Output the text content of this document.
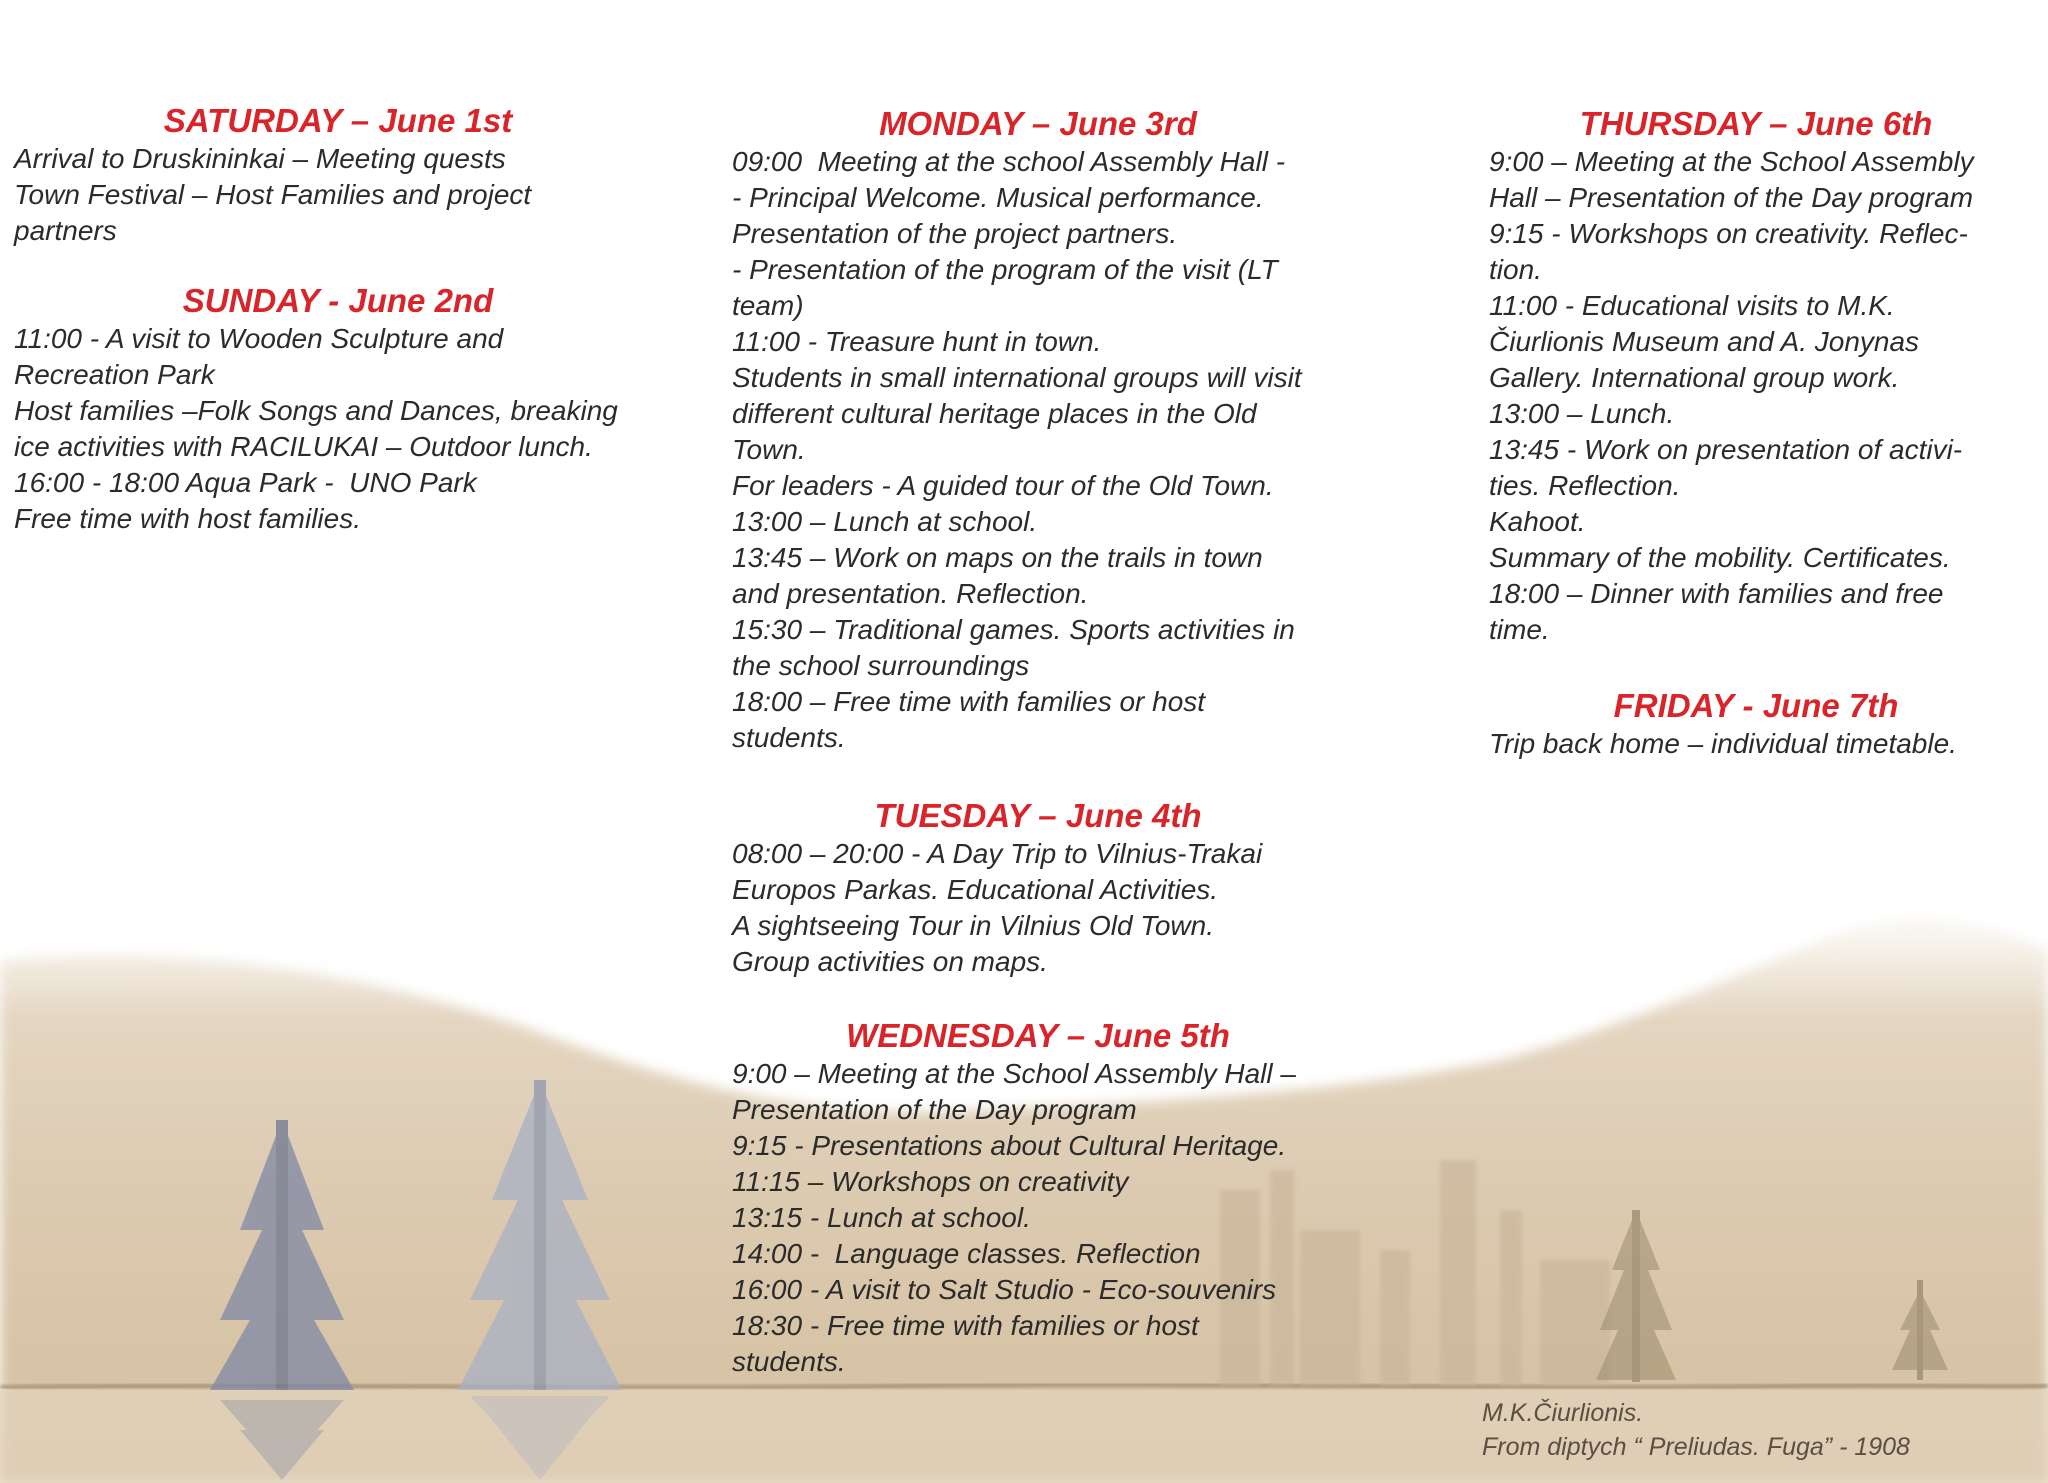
SATURDAY – June 1st
Arrival to Druskininkai – Meeting quests
Town Festival – Host Families and project
partners
SUNDAY - June 2nd
11:00 - A visit to Wooden Sculpture and
Recreation Park
Host families –Folk Songs and Dances, breaking
ice activities with RACILUKAI – Outdoor lunch.
16:00 - 18:00 Aqua Park -  UNO Park
Free time with host families.
MONDAY – June 3rd
09:00  Meeting at the school Assembly Hall -
- Principal Welcome. Musical performance.
Presentation of the project partners.
- Presentation of the program of the visit (LT
team)
11:00 - Treasure hunt in town.
Students in small international groups will visit
different cultural heritage places in the Old
Town.
For leaders - A guided tour of the Old Town.
13:00 – Lunch at school.
13:45 – Work on maps on the trails in town
and presentation. Reflection.
15:30 – Traditional games. Sports activities in
the school surroundings
18:00 – Free time with families or host
students.
TUESDAY – June 4th
08:00 – 20:00 - A Day Trip to Vilnius-Trakai
Europos Parkas. Educational Activities.
A sightseeing Tour in Vilnius Old Town.
Group activities on maps.
WEDNESDAY – June 5th
9:00 – Meeting at the School Assembly Hall –
Presentation of the Day program
9:15 - Presentations about Cultural Heritage.
11:15 – Workshops on creativity
13:15 - Lunch at school.
14:00 -  Language classes. Reflection
16:00 - A visit to Salt Studio - Eco-souvenirs
18:30 - Free time with families or host
students.
THURSDAY – June 6th
9:00 – Meeting at the School Assembly
Hall – Presentation of the Day program
9:15 - Workshops on creativity. Reflec-
tion.
11:00 - Educational visits to M.K.
Čiurlionis Museum and A. Jonynas
Gallery. International group work.
13:00 – Lunch.
13:45 - Work on presentation of activi-
ties. Reflection.
Kahoot.
Summary of the mobility. Certificates.
18:00 – Dinner with families and free
time.
FRIDAY - June 7th
Trip back home – individual timetable.
M.K.Čiurlionis.
From diptych “ Preliudas. Fuga” - 1908
